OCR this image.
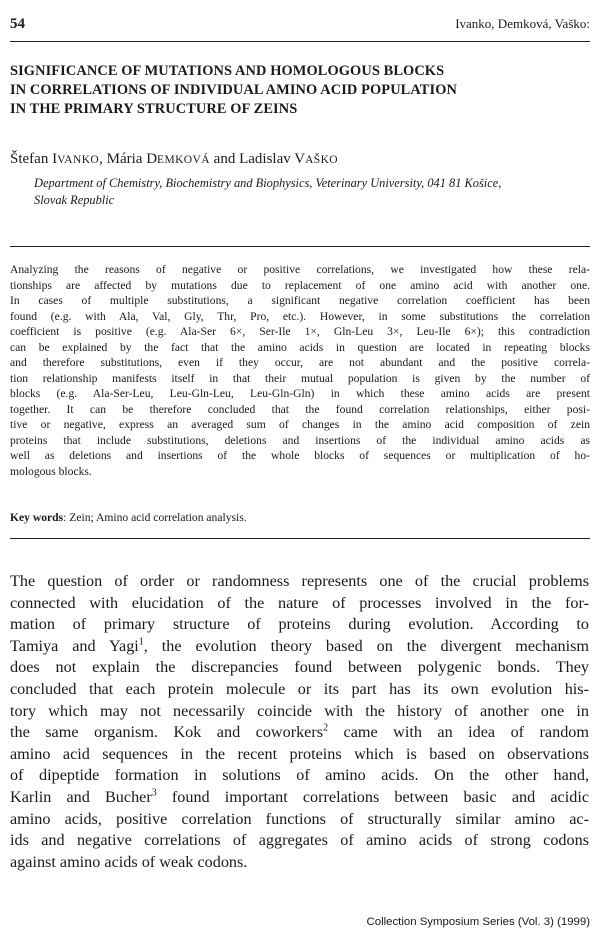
54	Ivanko, Demková, Vaško:
SIGNIFICANCE OF MUTATIONS AND HOMOLOGOUS BLOCKS
IN CORRELATIONS OF INDIVIDUAL AMINO ACID POPULATION
IN THE PRIMARY STRUCTURE OF ZEINS
Štefan IVANKO, Mária DEMKOVÁ and Ladislav VAŠKO
Department of Chemistry, Biochemistry and Biophysics, Veterinary University, 041 81 Košice,
Slovak Republic
Analyzing the reasons of negative or positive correlations, we investigated how these rela-
tionships are affected by mutations due to replacement of one amino acid with another one.
In cases of multiple substitutions, a significant negative correlation coefficient has been
found (e.g. with Ala, Val, Gly, Thr, Pro, etc.). However, in some substitutions the correlation
coefficient is positive (e.g. Ala-Ser 6×, Ser-Ile 1×, Gln-Leu 3×, Leu-Ile 6×); this contradiction
can be explained by the fact that the amino acids in question are located in repeating blocks
and therefore substitutions, even if they occur, are not abundant and the positive correla-
tion relationship manifests itself in that their mutual population is given by the number of
blocks (e.g. Ala-Ser-Leu, Leu-Gln-Leu, Leu-Gln-Gln) in which these amino acids are present
together. It can be therefore concluded that the found correlation relationships, either posi-
tive or negative, express an averaged sum of changes in the amino acid composition of zein
proteins that include substitutions, deletions and insertions of the individual amino acids as
well as deletions and insertions of the whole blocks of sequences or multiplication of ho-
mologous blocks.
Key words: Zein; Amino acid correlation analysis.
The question of order or randomness represents one of the crucial problems
connected with elucidation of the nature of processes involved in the for-
mation of primary structure of proteins during evolution. According to
Tamiya and Yagi$^1$, the evolution theory based on the divergent mechanism
does not explain the discrepancies found between polygenic bonds. They
concluded that each protein molecule or its part has its own evolution his-
tory which may not necessarily coincide with the history of another one in
the same organism. Kok and coworkers$^2$ came with an idea of random
amino acid sequences in the recent proteins which is based on observations
of dipeptide formation in solutions of amino acids. On the other hand,
Karlin and Bucher$^3$ found important correlations between basic and acidic
amino acids, positive correlation functions of structurally similar amino ac-
ids and negative correlations of aggregates of amino acids of strong codons
against amino acids of weak codons.
Collection Symposium Series (Vol. 3) (1999)
